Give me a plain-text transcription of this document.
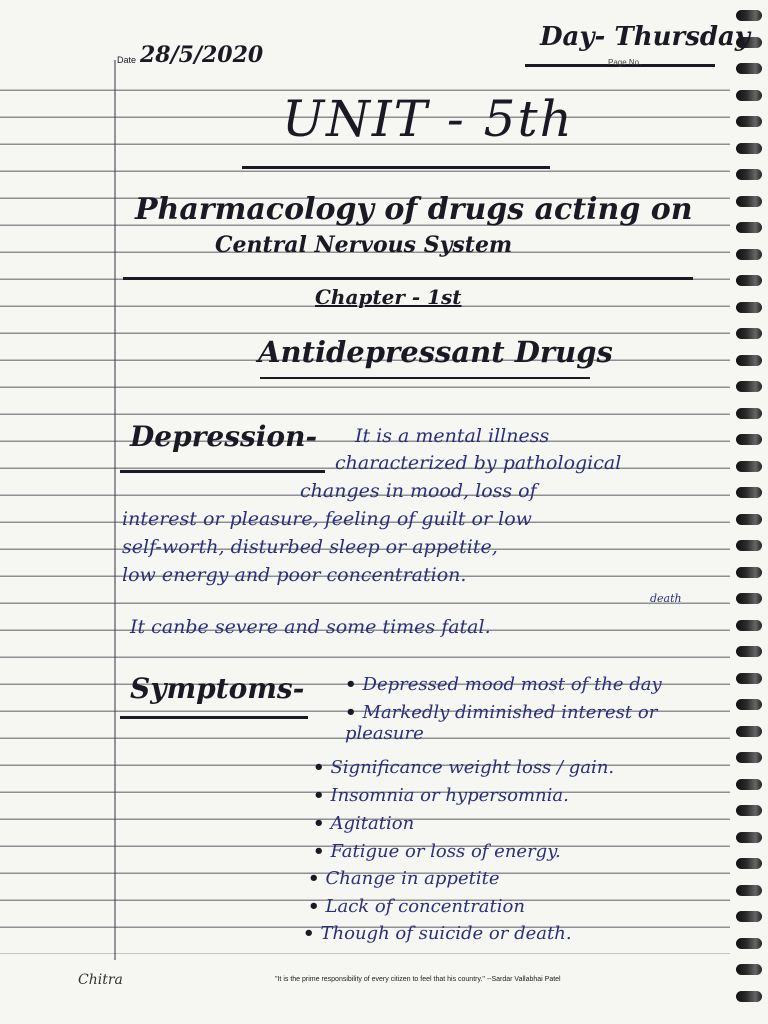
Date 28/5/2020
Day- Thursday
Page No.
UNIT - 5th
Pharmacology of drugs acting on
Central Nervous System
Chapter - 1st
Antidepressant Drugs
Depression- It is a mental illness
characterized by pathological
changes in mood, loss of
interest or pleasure, feeling of guilt or low
self-worth, disturbed sleep or appetite,
low energy and poor concentration.
death
It canbe severe and some times fatal.
Symptoms- • Depressed mood most of the day
• Markedly diminished interest or pleasure
• Significance weight loss / gain.
• Insomnia or hypersomnia.
• Agitation
• Fatigue or loss of energy.
• Change in appetite
• Lack of concentration
• Though of suicide or death.
Chitra	"It is the prime responsibility of every citizen to feel that his country." --Sardar Vallabhai Patel
